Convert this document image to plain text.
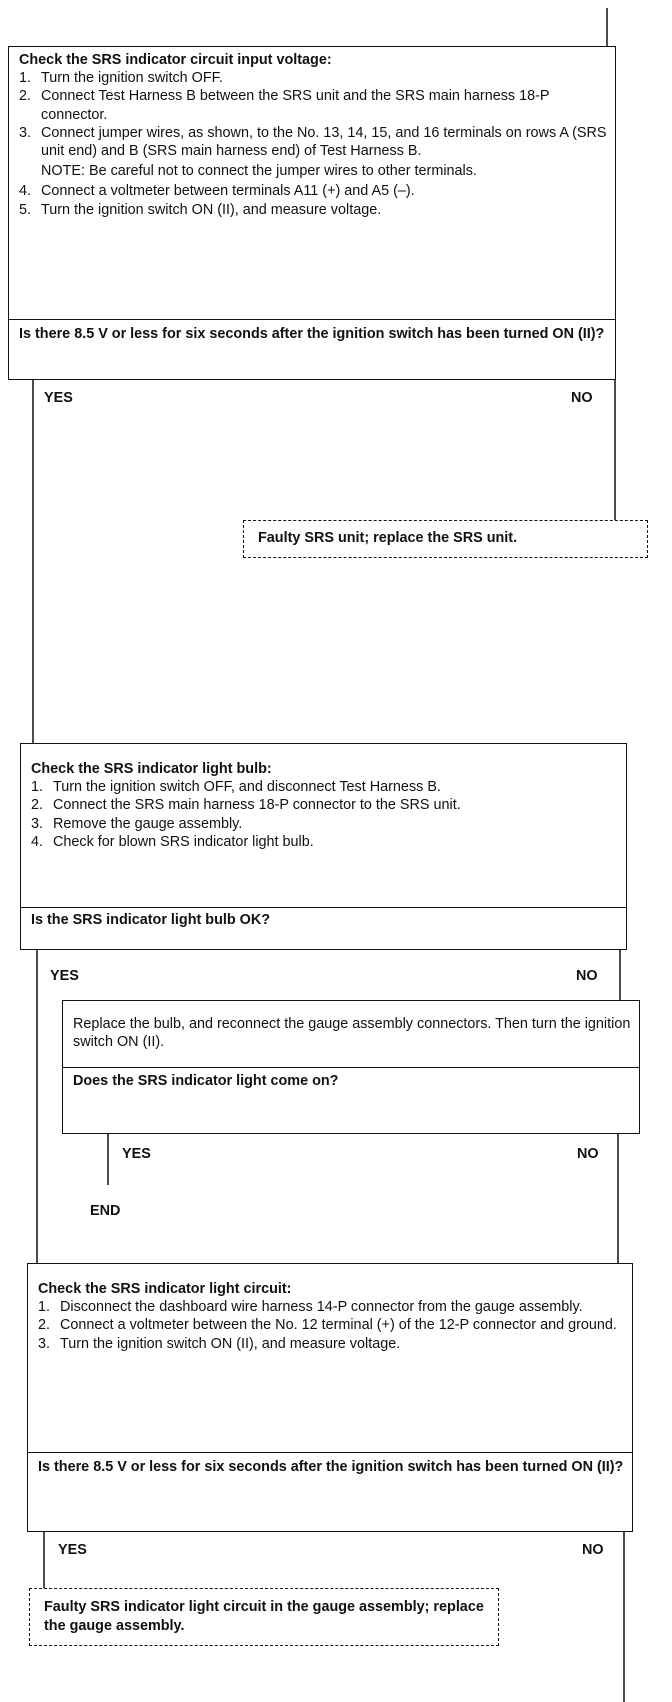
Check the SRS indicator circuit input voltage:
1. Turn the ignition switch OFF.
2. Connect Test Harness B between the SRS unit and the SRS main harness 18-P connector.
3. Connect jumper wires, as shown, to the No. 13, 14, 15, and 16 terminals on rows A (SRS unit end) and B (SRS main harness end) of Test Harness B.
NOTE: Be careful not to connect the jumper wires to other terminals.
4. Connect a voltmeter between terminals A11 (+) and A5 (–).
5. Turn the ignition switch ON (II), and measure voltage.
Is there 8.5 V or less for six seconds after the ignition switch has been turned ON (II)?
YES	NO
Faulty SRS unit; replace the SRS unit.
Check the SRS indicator light bulb:
1. Turn the ignition switch OFF, and disconnect Test Harness B.
2. Connect the SRS main harness 18-P connector to the SRS unit.
3. Remove the gauge assembly.
4. Check for blown SRS indicator light bulb.
Is the SRS indicator light bulb OK?
YES	NO
Replace the bulb, and reconnect the gauge assembly connectors. Then turn the ignition switch ON (II).
Does the SRS indicator light come on?
YES	NO
END
Check the SRS indicator light circuit:
1. Disconnect the dashboard wire harness 14-P connector from the gauge assembly.
2. Connect a voltmeter between the No. 12 terminal (+) of the 12-P connector and ground.
3. Turn the ignition switch ON (II), and measure voltage.
Is there 8.5 V or less for six seconds after the ignition switch has been turned ON (II)?
YES	NO
Faulty SRS indicator light circuit in the gauge assembly; replace the gauge assembly.
